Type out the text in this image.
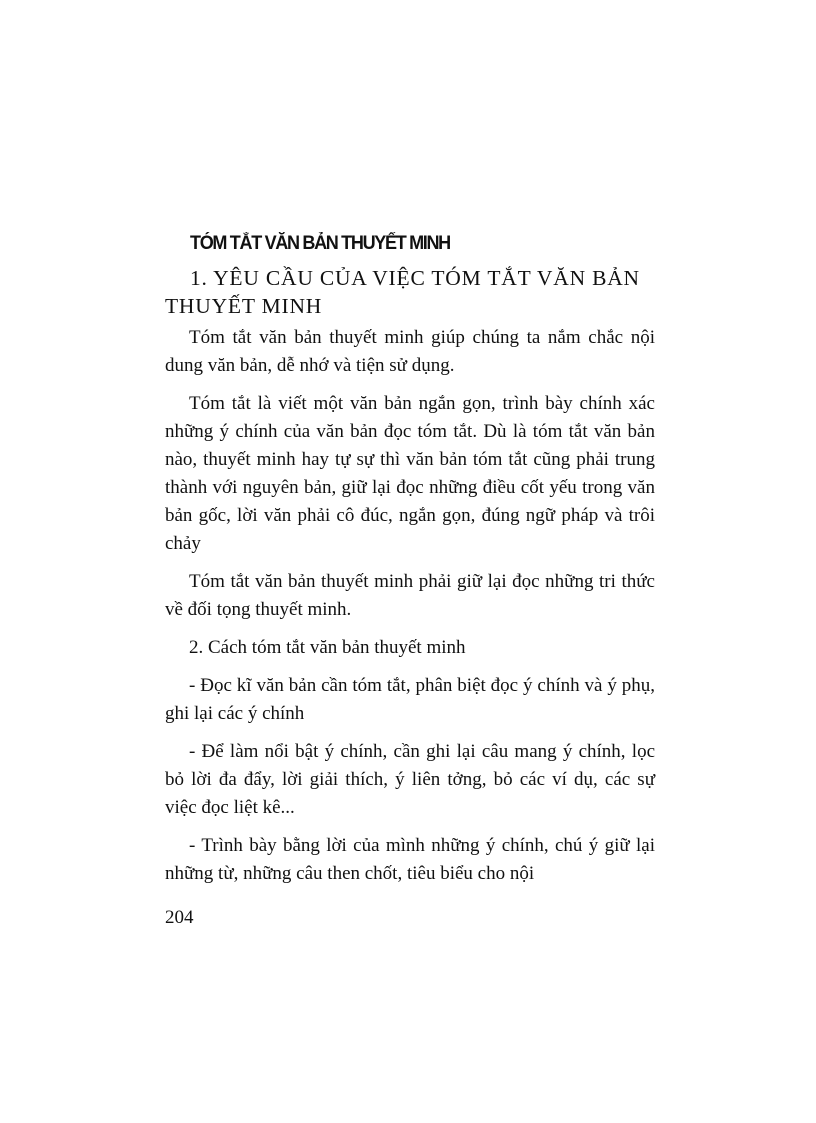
TÓM TẮT VĂN BẢN THUYẾT MINH
1. YÊU CẦU CỦA VIỆC TÓM TẮT VĂN BẢN THUYẾT MINH

Tóm tắt văn bản thuyết minh giúp chúng ta nắm chắc nội dung văn bản, dễ nhớ và tiện sử dụng.

Tóm tắt là viết một văn bản ngắn gọn, trình bày chính xác những ý chính của văn bản đọc tóm tắt. Dù là tóm tắt văn bản nào, thuyết minh hay tự sự thì văn bản tóm tắt cũng phải trung thành với nguyên bản, giữ lại đọc những điều cốt yếu trong văn bản gốc, lời văn phải cô đúc, ngắn gọn, đúng ngữ pháp và trôi chảy

Tóm tắt văn bản thuyết minh phải giữ lại đọc những tri thức về đối tọng thuyết minh.

2. Cách tóm tắt văn bản thuyết minh

- Đọc kĩ văn bản cần tóm tắt, phân biệt đọc ý chính và ý phụ, ghi lại các ý chính

- Để làm nổi bật ý chính, cần ghi lại câu mang ý chính, lọc bỏ lời đa đẩy, lời giải thích, ý liên tởng, bỏ các ví dụ, các sự việc đọc liệt kê...

- Trình bày bằng lời của mình những ý chính, chú ý giữ lại những từ, những câu then chốt, tiêu biểu cho nội

204
